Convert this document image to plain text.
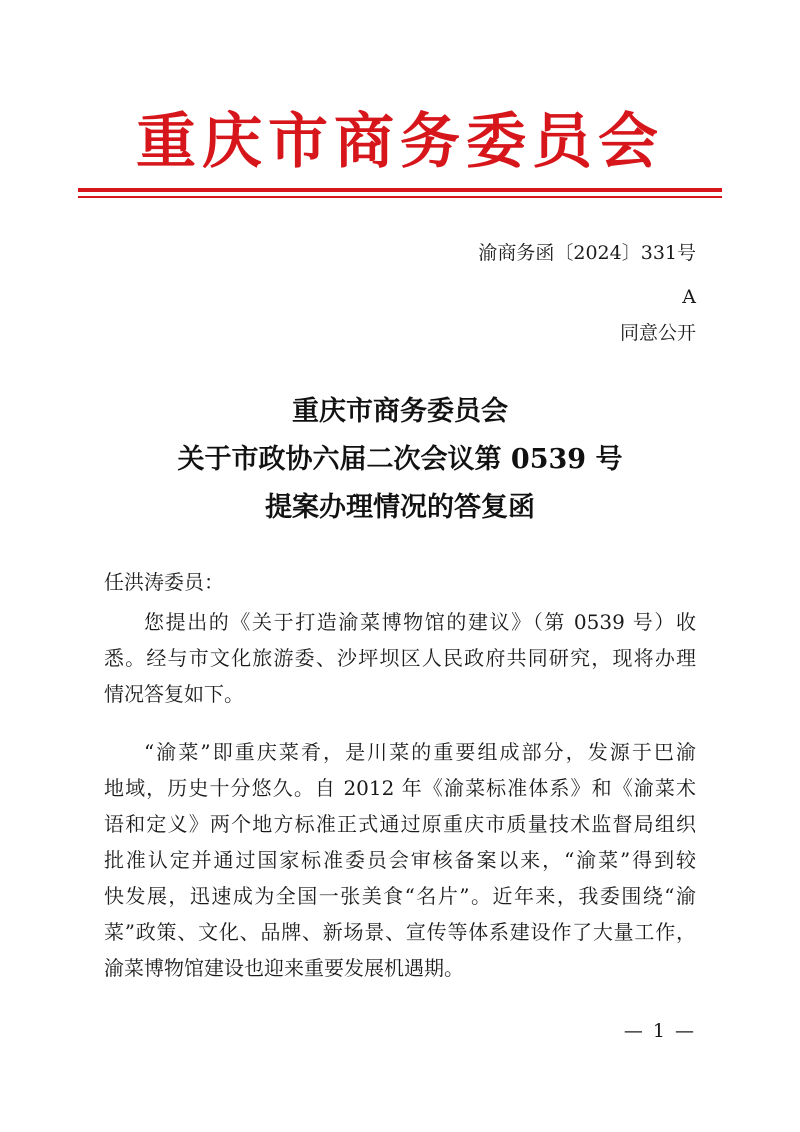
重庆市商务委员会
渝商务函〔2024〕331号
A
同意公开
重庆市商务委员会
关于市政协六届二次会议第 0539 号
提案办理情况的答复函
任洪涛委员：
您提出的《关于打造渝菜博物馆的建议》（第 0539 号）收
悉。经与市文化旅游委、沙坪坝区人民政府共同研究，现将办理
情况答复如下。
“渝菜”即重庆菜肴，是川菜的重要组成部分，发源于巴渝
地域，历史十分悠久。自 2012 年《渝菜标准体系》和《渝菜术
语和定义》两个地方标准正式通过原重庆市质量技术监督局组织
批准认定并通过国家标准委员会审核备案以来，“渝菜”得到较
快发展，迅速成为全国一张美食“名片”。近年来，我委围绕“渝
菜”政策、文化、品牌、新场景、宣传等体系建设作了大量工作，
渝菜博物馆建设也迎来重要发展机遇期。
— 1 —
